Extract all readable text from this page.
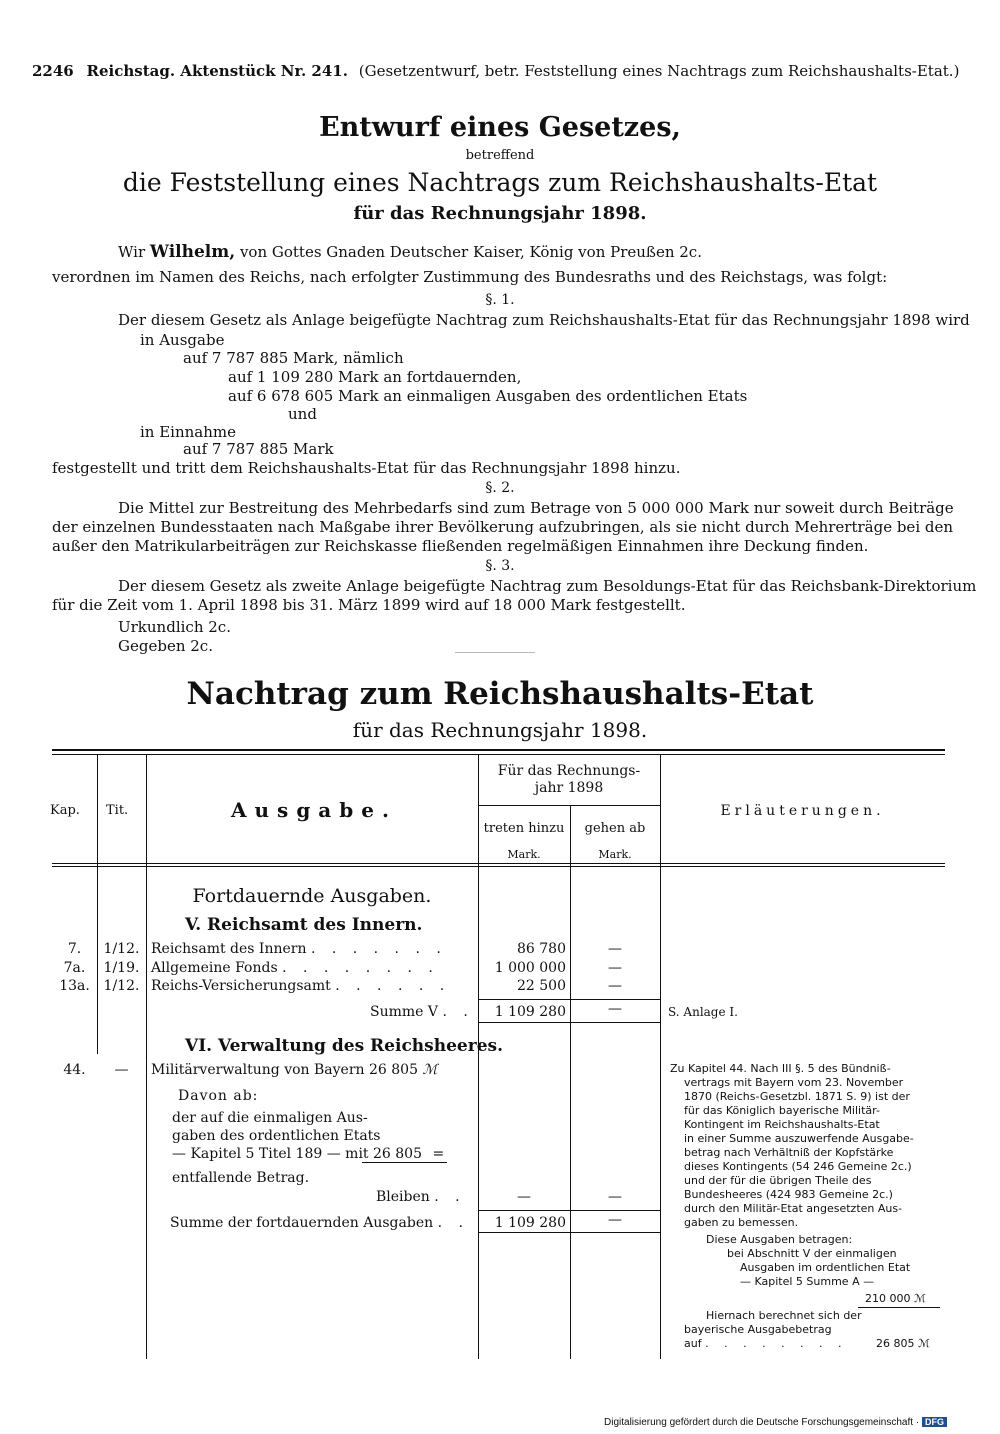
2246 Reichstag. Aktenstück Nr. 241. (Gesetzentwurf, betr. Feststellung eines Nachtrags zum Reichshaushalts-Etat.)
Entwurf eines Gesetzes,
betreffend
die Feststellung eines Nachtrags zum Reichshaushalts-Etat
für das Rechnungsjahr 1898.
Wir Wilhelm, von Gottes Gnaden Deutscher Kaiser, König von Preußen 2c.
verordnen im Namen des Reichs, nach erfolgter Zustimmung des Bundesraths und des Reichstags, was folgt:
§. 1.
Der diesem Gesetz als Anlage beigefügte Nachtrag zum Reichshaushalts-Etat für das Rechnungsjahr 1898 wird
in Ausgabe
auf 7 787 885 Mark, nämlich
auf 1 109 280 Mark an fortdauernden,
auf 6 678 605 Mark an einmaligen Ausgaben des ordentlichen Etats
und
in Einnahme
auf 7 787 885 Mark
festgestellt und tritt dem Reichshaushalts-Etat für das Rechnungsjahr 1898 hinzu.
§. 2.
Die Mittel zur Bestreitung des Mehrbedarfs sind zum Betrage von 5 000 000 Mark nur soweit durch Beiträge
der einzelnen Bundesstaaten nach Maßgabe ihrer Bevölkerung aufzubringen, als sie nicht durch Mehrerträge bei den
außer den Matrikularbeiträgen zur Reichskasse fließenden regelmäßigen Einnahmen ihre Deckung finden.
§. 3.
Der diesem Gesetz als zweite Anlage beigefügte Nachtrag zum Besoldungs-Etat für das Reichsbank-Direktorium
für die Zeit vom 1. April 1898 bis 31. März 1899 wird auf 18 000 Mark festgestellt.
Urkundlich 2c.
Gegeben 2c.
Nachtrag zum Reichshaushalts-Etat
für das Rechnungsjahr 1898.
Kap. Tit.	Ausgabe.
Für das Rechnungs-
jahr 1898
treten hinzu	gehen ab
Mark.	Mark.
Erläuterungen.
Fortdauernde Ausgaben.
V. Reichsamt des Innern.
7.	1/12. Reichsamt des Innern . . . . . . .	86 780	—
7a.	1/19. Allgemeine Fonds . . . . . . . .	1 000 000	—
13a. 1/12. Reichs-Versicherungsamt . . . . . .	22 500	—
Summe V . .	1 109 280	—	S. Anlage I.
VI. Verwaltung des Reichsheeres.
44.	—	Militärverwaltung von Bayern 26 805 ℳ
Davon ab:
der auf die einmaligen Aus-
gaben des ordentlichen Etats
— Kapitel 5 Titel 189 — mit 26 805 =
entfallende Betrag.
Bleiben . .	—	—
Summe der fortdauernden Ausgaben . .	1 109 280	—
Zu Kapitel 44. Nach III §. 5 des Bündniß-
vertrags mit Bayern vom 23. November
1870 (Reichs-Gesetzbl. 1871 S. 9) ist der
für das Königlich bayerische Militär-
Kontingent im Reichshaushalts-Etat
in einer Summe auszuwerfende Ausgabe-
betrag nach Verhältniß der Kopfstärke
dieses Kontingents (54 246 Gemeine 2c.)
und der für die übrigen Theile des
Bundesheeres (424 983 Gemeine 2c.)
durch den Militär-Etat angesetzten Aus-
gaben zu bemessen.
Diese Ausgaben betragen:
bei Abschnitt V der einmaligen
Ausgaben im ordentlichen Etat
— Kapitel 5 Summe A —
210 000 ℳ
Hiernach berechnet sich der
bayerische Ausgabebetrag
auf . . . . . . . .	26 805 ℳ
Digitalisierung gefördert durch die Deutsche Forschungsgemeinschaft · DFG
